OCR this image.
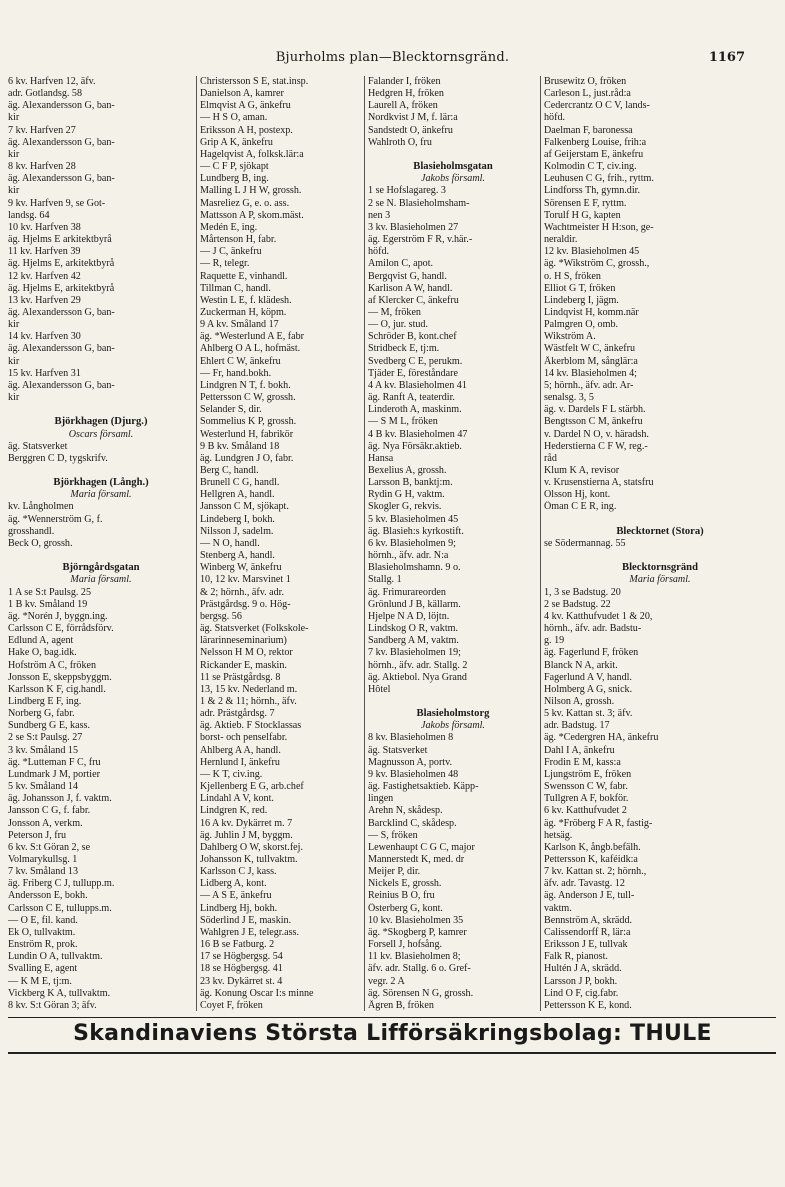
Bjurholms plan—Blecktornsgränd.	1167
6 kv. Harfven 12, äfv.
adr. Gotlandsg. 58
äg. Alexandersson G, ban-
kir
7 kv. Harfven 27
äg. Alexandersson G, ban-
kir
8 kv. Harfven 28
äg. Alexandersson G, ban-
kir
9 kv. Harfven 9, se Got-
landsg. 64
10 kv. Harfven 38
äg. Hjelms E arkitektbyrå
11 kv. Harfven 39
äg. Hjelms E, arkitektbyrå
12 kv. Harfven 42
äg. Hjelms E, arkitektbyrå
13 kv. Harfven 29
äg. Alexandersson G, ban-
kir
14 kv. Harfven 30
äg. Alexandersson G, ban-
kir
15 kv. Harfven 31
äg. Alexandersson G, ban-
kir

Björkhagen (Djurg.)
Oscars församl.
äg. Statsverket
Berggren C D, tygskrifv.

Björkhagen (Långh.)
Maria församl.
kv. Långholmen
äg. *Wennerström G, f.
grosshandl.
Beck O, grossh.

Björngårdsgatan
Maria församl.
1 A se S:t Paulsg. 25
1 B kv. Småland 19
äg. *Norén J, byggn.ing.
Carlsson C E, förrådsförv.
Edlund A, agent
Hake O, bag.idk.
Hofström A C, fröken
Jonsson E, skeppsbyggm.
Karlsson K F, cig.handl.
Lindberg E F, ing.
Norberg G, fabr.
Sundberg G E, kass.
2 se S:t Paulsg. 27
3 kv. Småland 15
äg. *Lutteman F C, fru
Lundmark J M, portier
5 kv. Småland 14
äg. Johansson J, f. vaktm.
Jansson C G, f. fabr.
Jonsson A, verkm.
Peterson J, fru
6 kv. S:t Göran 2, se
Volmarykullsg. 1
7 kv. Småland 13
äg. Friberg C J, tullupp.m.
Andersson E, bokh.
Carlsson C E, tullupps.m.
— O E, fil. kand.
Ek O, tullvaktm.
Enström R, prok.
Lundin O A, tullvaktm.
Svalling E, agent
— K M E, tj:m.
Vickberg K A, tullvaktm.
8 kv. S:t Göran 3; äfv.
Christersson S E, stat.insp.
Danielson A, kamrer
Elmqvist A G, änkefru
— H S O, aman.
Eriksson A H, postexp.
Grip A K, änkefru
Hagelqvist A, folksk.lär:a
— C F P, sjökapt
Lundberg B, ing.
Malling L J H W, grossh.
Masreliez G, e. o. ass.
Mattsson A P, skom.mäst.
Medén E, ing.
Mårtenson H, fabr.
— J C, änkefru
— R, telegr.
Raquette E, vinhandl.
Tillman C, handl.
Westin L E, f. klädesh.
Zuckerman H, köpm.
9 A kv. Småland 17
äg. *Westerlund A E, fabr
Ahlberg O A L, hofmäst.
Ehlert C W, änkefru
— Fr, hand.bokh.
Lindgren N T, f. bokh.
Pettersson C W, grossh.
Selander S, dir.
Sommelius K P, grossh.
Westerlund H, fabrikör
9 B kv. Småland 18
äg. Lundgren J O, fabr.
Berg C, handl.
Brunell C G, handl.
Hellgren A, handl.
Jansson C M, sjökapt.
Lindeberg I, bokh.
Nilsson J, sadelm.
— N O, handl.
Stenberg A, handl.
Winberg W, änkefru
10, 12 kv. Marsvinet 1
& 2; hörnh., äfv. adr.
Prästgårdsg. 9 o. Hög-
bergsg. 56
äg. Statsverket (Folkskole-
lärarinneseminarium)
Nelsson H M O, rektor
Rickander E, maskin.
11 se Prästgårdsg. 8
13, 15 kv. Nederland m.
1 & 2 & 11; hörnh., äfv.
adr. Prästgårdsg. 7
äg. Aktieb. F Stocklassas
borst- och penselfabr.
Ahlberg A A, handl.
Hernlund I, änkefru
— K T, civ.ing.
Kjellenberg E G, arb.chef
Lindahl A V, kont.
Lindgren K, red.
16 A kv. Dykärret m. 7
äg. Juhlin J M, byggm.
Dahlberg O W, skorst.fej.
Johansson K, tullvaktm.
Karlsson C J, kass.
Lidberg A, kont.
— A S E, änkefru
Lindberg Hj, bokh.
Söderlind J E, maskin.
Wahlgren J E, telegr.ass.
16 B se Fatburg. 2
17 se Högbergsg. 54
18 se Högbergsg. 41
23 kv. Dykärret st. 4
äg. Konung Oscar I:s minne
Coyet F, fröken
Falander I, fröken
Hedgren H, fröken
Laurell A, fröken
Nordkvist J M, f. lär:a
Sandstedt O, änkefru
Wahlroth O, fru

Blasieholmsgatan
Jakobs församl.
1 se Hofslagareg. 3
2 se N. Blasieholmsham-
nen 3
3 kv. Blasieholmen 27
äg. Egerström F R, v.här.-
höfd.
Amilon C, apot.
Bergqvist G, handl.
Karlison A W, handl.
af Klercker C, änkefru
— M, fröken
— O, jur. stud.
Schröder B, kont.chef
Stridbeck E, tj:m.
Svedberg C E, perukm.
Tjäder E, föreståndare
4 A kv. Blasieholmen 41
äg. Ranft A, teaterdir.
Linderoth A, maskinm.
— S M L, fröken
4 B kv. Blasieholmen 47
äg. Nya Försäkr.aktieb.
Hansa
Bexelius A, grossh.
Larsson B, banktj:m.
Rydin G H, vaktm.
Skogler G, rekvis.
5 kv. Blasieholmen 45
äg. Blasieh:s kyrkostift.
6 kv. Blasieholmen 9;
hörnh., äfv. adr. N:a
Blasieholmshamn. 9 o.
Stallg. 1
äg. Frimurareorden
Grönlund J B, källarm.
Hjelpe N A D, löjtn.
Lindskog O R, vaktm.
Sandberg A M, vaktm.
7 kv. Blasieholmen 19;
hörnh., äfv. adr. Stallg. 2
äg. Aktiebol. Nya Grand
Hôtel

Blasieholmstorg
Jakobs församl.
8 kv. Blasieholmen 8
äg. Statsverket
Magnusson A, portv.
9 kv. Blasieholmen 48
äg. Fastighetsaktieb. Käpp-
lingen
Arehn N, skådesp.
Barcklind C, skådesp.
— S, fröken
Lewenhaupt C G C, major
Mannerstedt K, med. dr
Meijer P, dir.
Nickels E, grossh.
Reinius B O, fru
Österberg G, kont.
10 kv. Blasieholmen 35
äg. *Skogberg P, kamrer
Forsell J, hofsång.
11 kv. Blasieholmen 8;
äfv. adr. Stallg. 6 o. Gref-
vegr. 2 A
äg. Sörensen N G, grossh.
Ågren B, fröken
Brusewitz O, fröken
Carleson L, just.råd:a
Cedercrantz O C V, lands-
höfd.
Daelman F, baronessa
Falkenberg Louise, frih:a
af Geijerstam E, änkefru
Kolmodin C T, civ.ing.
Leuhusen C G, frih., ryttm.
Lindforss Th, gymn.dir.
Sörensen E F, ryttm.
Torulf H G, kapten
Wachtmeister H H:son, ge-
neraldir.
12 kv. Blasieholmen 45
äg. *Wikström C, grossh.,
o. H S, fröken
Elliot G T, fröken
Lindeberg I, jägm.
Lindqvist H, komm.när
Palmgren O, omb.
Wikström A.
Wästfelt W C, änkefru
Åkerblom M, sånglär:a
14 kv. Blasieholmen 4;
5; hörnh., äfv. adr. Ar-
senalsg. 3, 5
äg. v. Dardels F L stärbh.
Bengtsson C M, änkefru
v. Dardel N O, v. häradsh.
Hederstierna C F W, reg.-
råd
Klum K A, revisor
v. Krusenstierna A, statsfru
Olsson Hj, kont.
Öman C E R, ing.

Blecktornet (Stora)
se Södermannag. 55

Blecktornsgränd
Maria församl.
1, 3 se Badstug. 20
2 se Badstug. 22
4 kv. Katthufvudet 1 & 20,
hörnh., äfv. adr. Badstu-
g. 19
äg. Fagerlund F, fröken
Blanck N A, arkit.
Fagerlund A V, handl.
Holmberg A G, snick.
Nilson A, grossh.
5 kv. Kattan st. 3; äfv.
adr. Badstug. 17
äg. *Cedergren HA, änkefru
Dahl I A, änkefru
Frodin E M, kass:a
Ljungström E, fröken
Swensson C W, fabr.
Tullgren A F, bokför.
6 kv. Katthufvudet 2
äg. *Fröberg F A R, fastig-
hetsäg.
Karlson K, ångb.befälh.
Pettersson K, kaféidk:a
7 kv. Kattan st. 2; hörnh.,
äfv. adr. Tavastg. 12
äg. Anderson J E, tull-
vaktm.
Bennström A, skrädd.
Calissendorff R, lär:a
Eriksson J E, tullvak
Falk R, pianost.
Hultén J A, skrädd.
Larsson J P, bokh.
Lind O F, cig.fabr.
Pettersson K E, kond.
Skandinaviens Största Lifförsäkringsbolag: THULE
